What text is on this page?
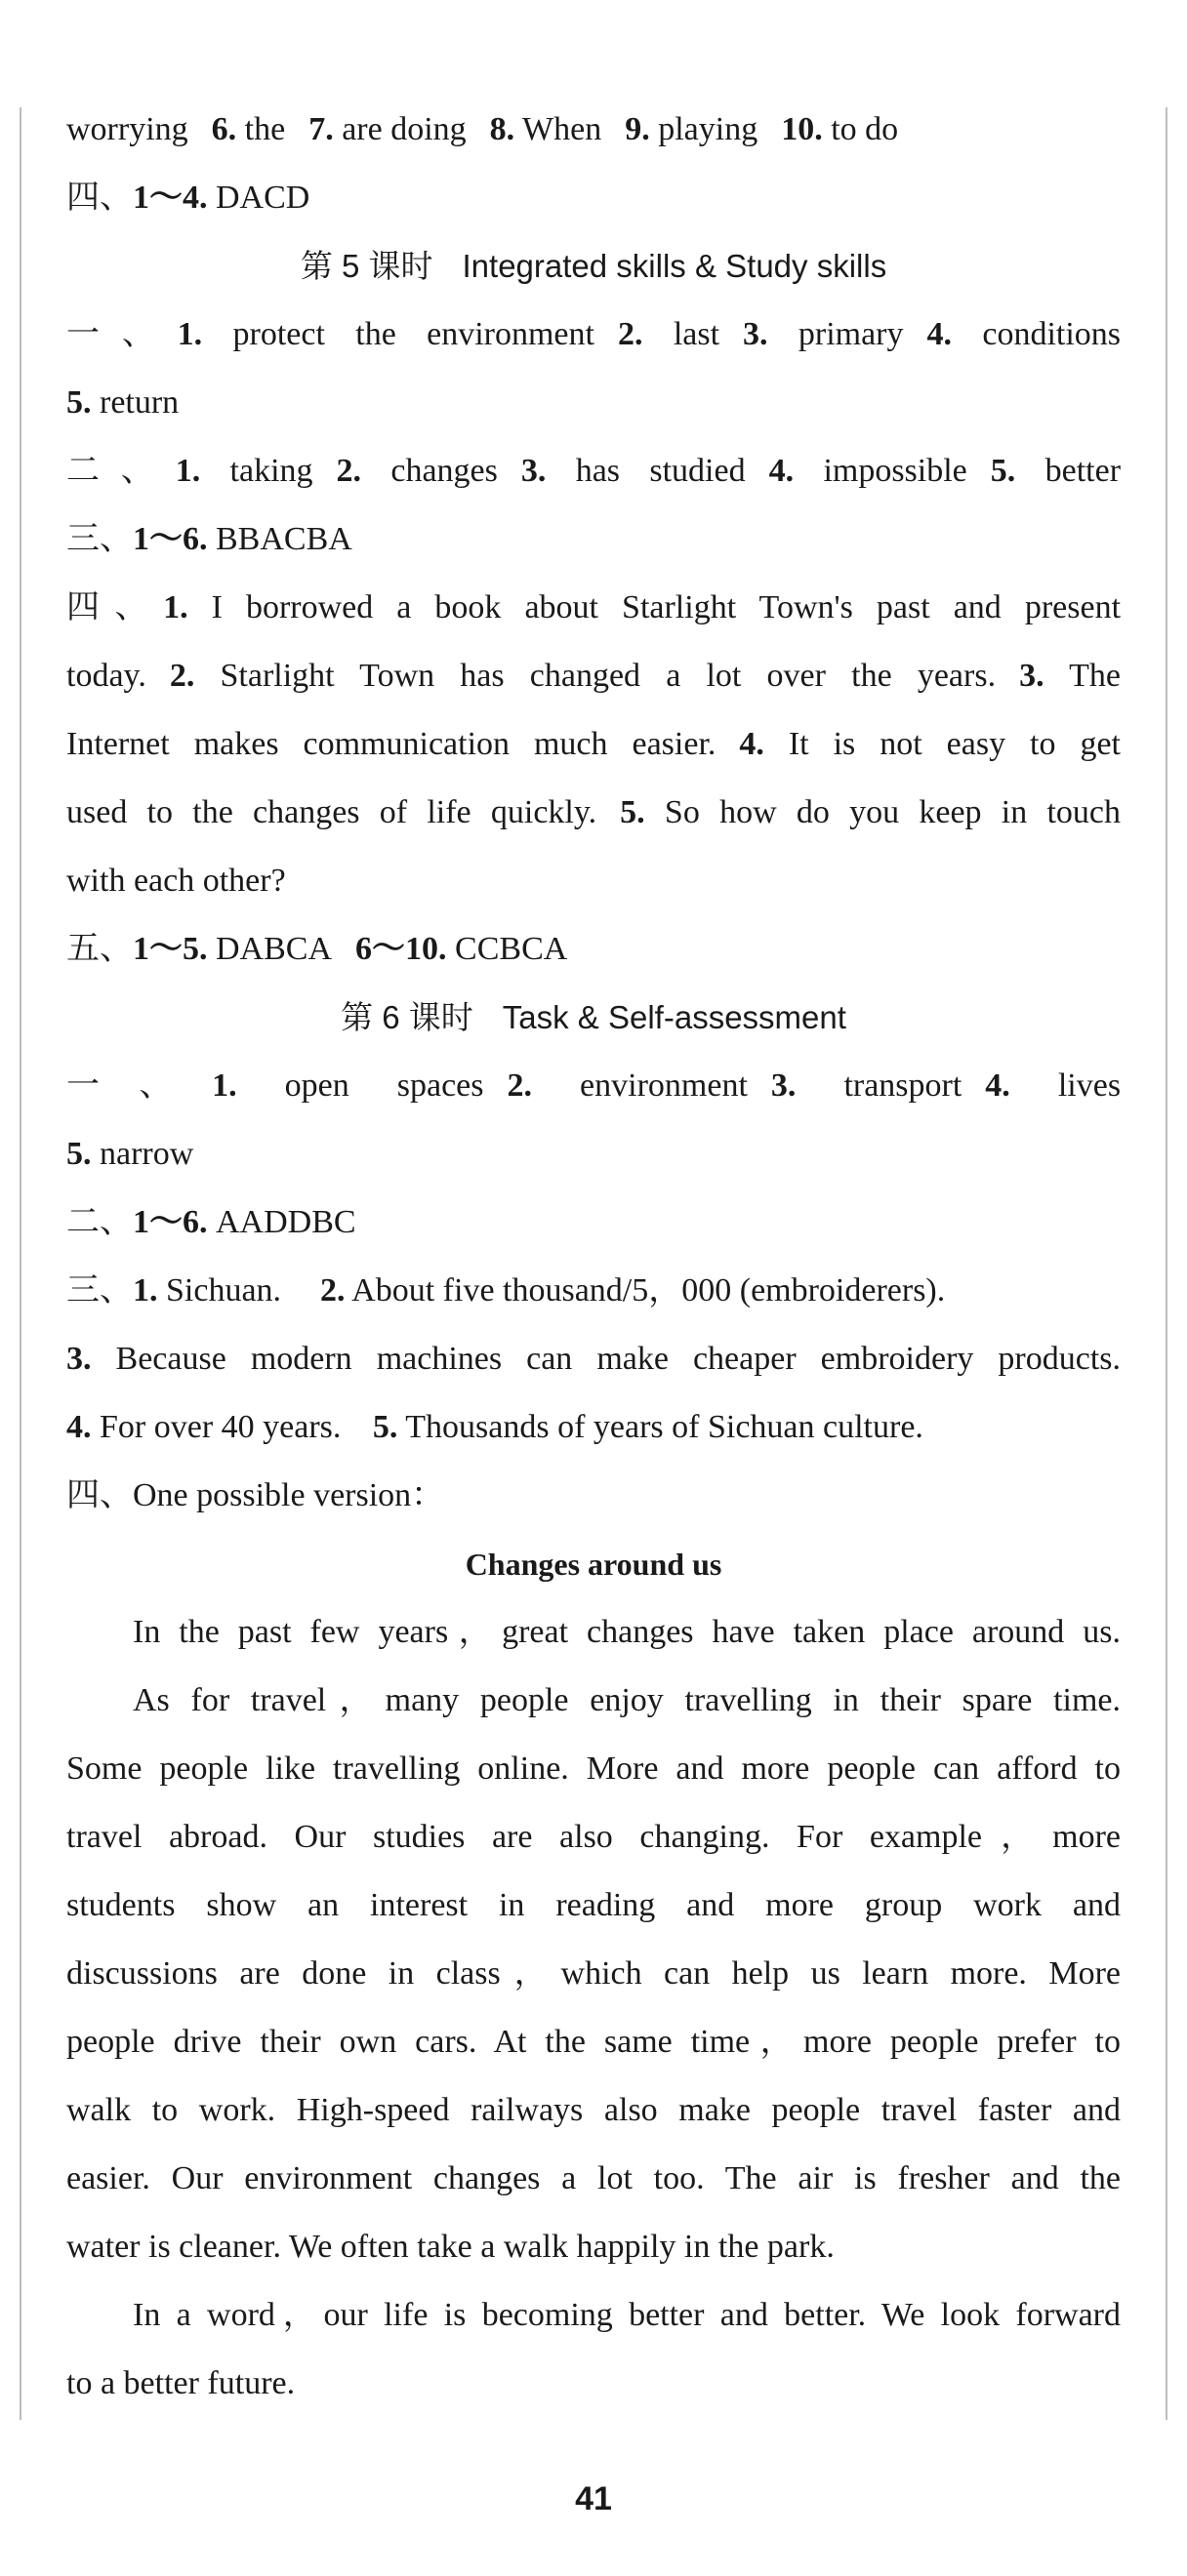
worrying 6. the 7. are doing 8. When 9. playing 10. to do
四、1～4. DACD
第 5 课时 Integrated skills & Study skills
一、1. protect the environment 2. last 3. primary 4. conditions
5. return
二、1. taking 2. changes 3. has studied 4. impossible 5. better
三、1～6. BBACBA
四、1. I borrowed a book about Starlight Town's past and present
today. 2. Starlight Town has changed a lot over the years. 3. The
Internet makes communication much easier. 4. It is not easy to get
used to the changes of life quickly. 5. So how do you keep in touch
with each other?
五、1～5. DABCA 6～10. CCBCA
第 6 课时 Task & Self-assessment
一、1. open spaces 2. environment 3. transport 4. lives
5. narrow
二、1～6. AADDBC
三、1. Sichuan. 2. About five thousand/5，000 (embroiderers).
3. Because modern machines can make cheaper embroidery products.
4. For over 40 years. 5. Thousands of years of Sichuan culture.
四、One possible version：
Changes around us
In the past few years，great changes have taken place around us.
As for travel，many people enjoy travelling in their spare time.
Some people like travelling online. More and more people can afford to
travel abroad. Our studies are also changing. For example，more
students show an interest in reading and more group work and
discussions are done in class，which can help us learn more. More
people drive their own cars. At the same time，more people prefer to
walk to work. High-speed railways also make people travel faster and
easier. Our environment changes a lot too. The air is fresher and the
water is cleaner. We often take a walk happily in the park.
In a word，our life is becoming better and better. We look forward
to a better future.
41
